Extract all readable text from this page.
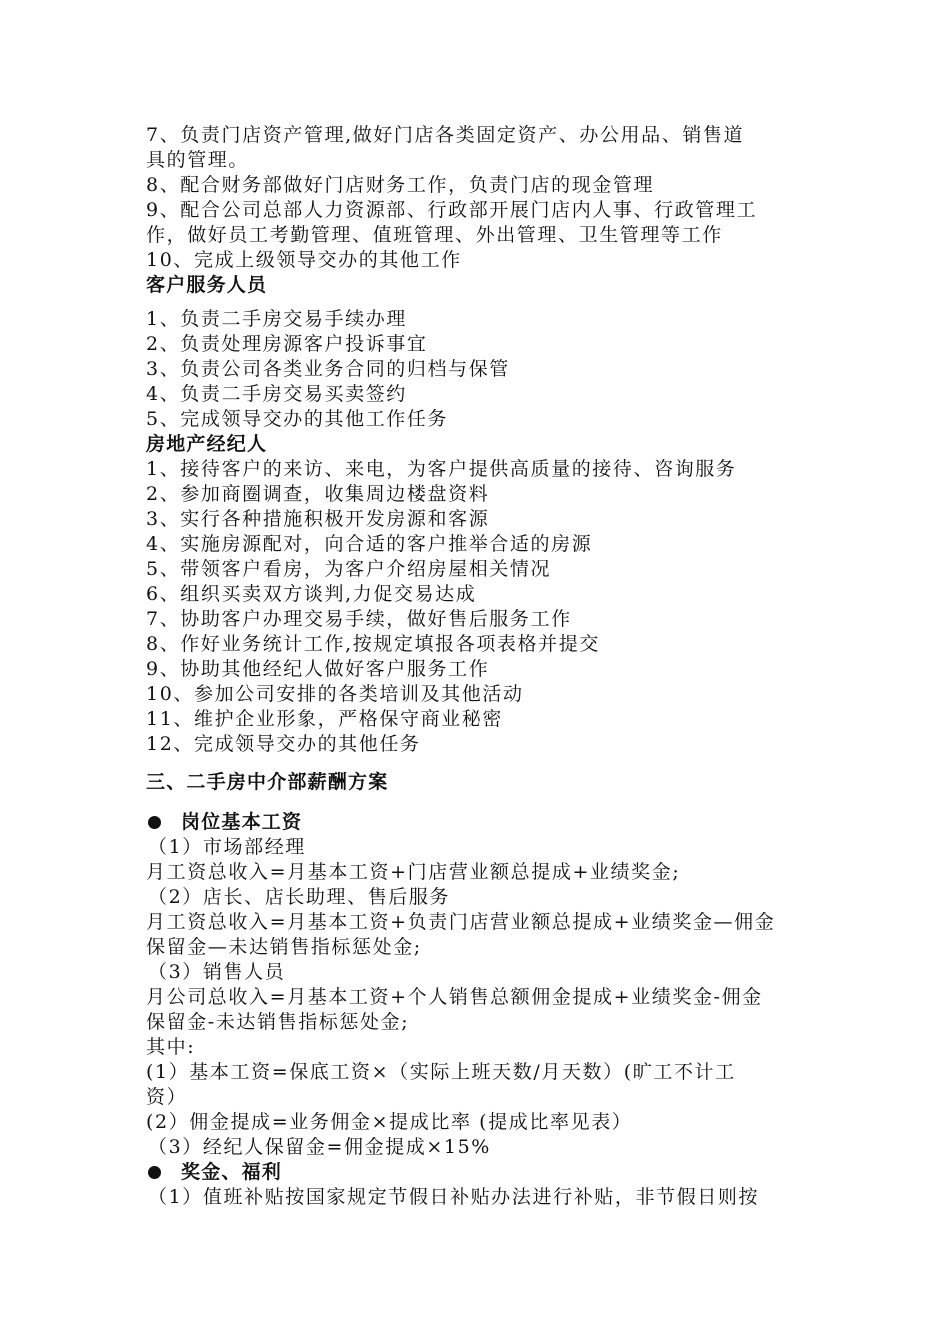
7、负责门店资产管理,做好门店各类固定资产、办公用品、销售道
具的管理。
8、配合财务部做好门店财务工作，负责门店的现金管理
9、配合公司总部人力资源部、行政部开展门店内人事、行政管理工
作，做好员工考勤管理、值班管理、外出管理、卫生管理等工作
10、完成上级领导交办的其他工作
客户服务人员
1、负责二手房交易手续办理
2、负责处理房源客户投诉事宜
3、负责公司各类业务合同的归档与保管
4、负责二手房交易买卖签约
5、完成领导交办的其他工作任务
房地产经纪人
1、接待客户的来访、来电，为客户提供高质量的接待、咨询服务
2、参加商圈调查，收集周边楼盘资料
3、实行各种措施积极开发房源和客源
4、实施房源配对，向合适的客户推举合适的房源
5、带领客户看房，为客户介绍房屋相关情况
6、组织买卖双方谈判,力促交易达成
7、协助客户办理交易手续，做好售后服务工作
8、作好业务统计工作,按规定填报各项表格并提交
9、协助其他经纪人做好客户服务工作
10、参加公司安排的各类培训及其他活动
11、维护企业形象，严格保守商业秘密
12、完成领导交办的其他任务
三、二手房中介部薪酬方案
岗位基本工资
（1）市场部经理
月工资总收入=月基本工资+门店营业额总提成+业绩奖金;
（2）店长、店长助理、售后服务
月工资总收入=月基本工资+负责门店营业额总提成+业绩奖金—佣金
保留金—未达销售指标惩处金;
（3）销售人员
月公司总收入=月基本工资+个人销售总额佣金提成+业绩奖金-佣金
保留金-未达销售指标惩处金;
其中:
(1）基本工资=保底工资×（实际上班天数/月天数）(旷工不计工
资）
(2）佣金提成=业务佣金×提成比率 (提成比率见表）
（3）经纪人保留金=佣金提成×15%
奖金、福利
（1）值班补贴按国家规定节假日补贴办法进行补贴，非节假日则按
